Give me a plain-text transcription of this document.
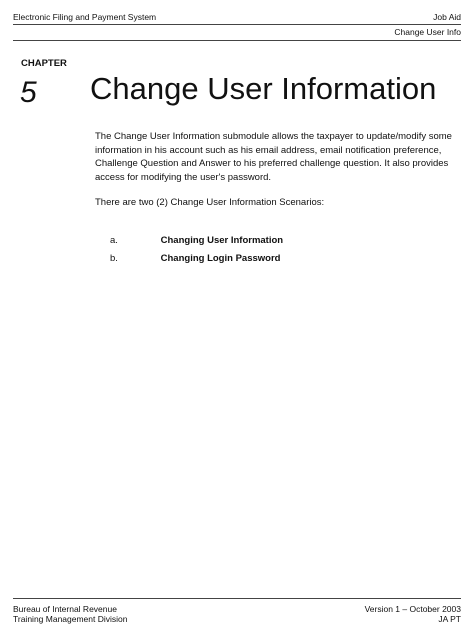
Electronic Filing and Payment System	Job Aid
Change User Info
CHAPTER
5 Change User Information

The Change User Information submodule allows the taxpayer to update/modify some information in his account such as his email address, email notification preference, Challenge Question and Answer to his preferred challenge question. It also provides access for modifying the user's password.

There are two (2) Change User Information Scenarios:

a.	Changing User Information
b.	Changing Login Password
Bureau of Internal Revenue
Training Management Division
Version 1 – October 2003
JA PT
